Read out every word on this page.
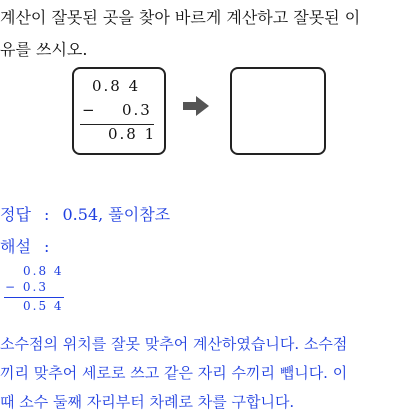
계산이 잘못된 곳을 찾아 바르게 계산하고 잘못된 이
유를 쓰시오.
0.8 4
− 0.3
0.8 1
정답 : 0.54, 풀이참조
해설 :
0.8 4
− 0.3
0.5 4
소수점의 위치를 잘못 맞추어 계산하였습니다. 소수점
끼리 맞추어 세로로 쓰고 같은 자리 수끼리 뺍니다. 이
때 소수 둘째 자리부터 차례로 차를 구합니다.
